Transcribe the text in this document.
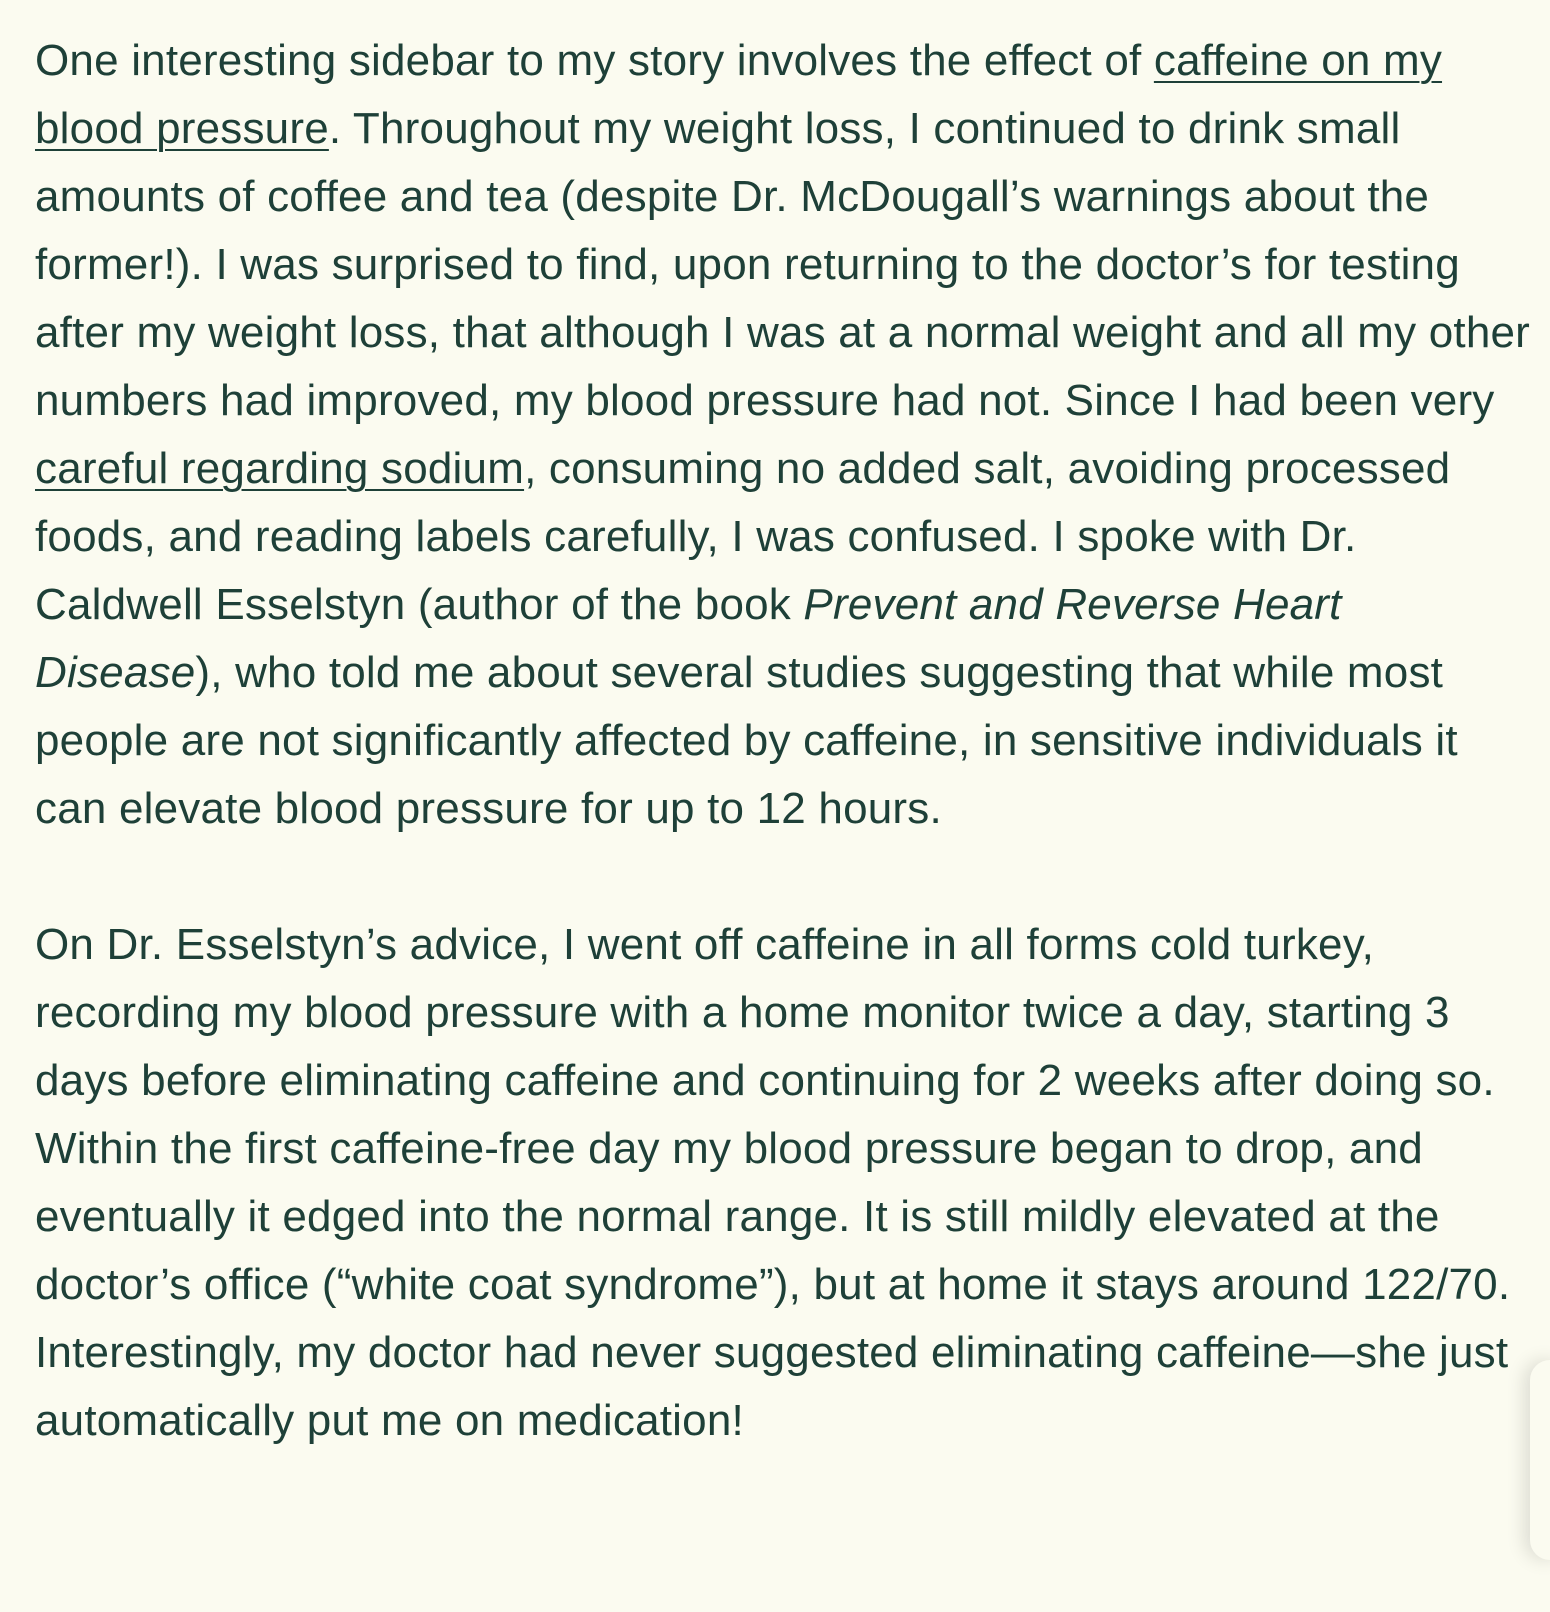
One interesting sidebar to my story involves the effect of caffeine on my blood pressure. Throughout my weight loss, I continued to drink small amounts of coffee and tea (despite Dr. McDougall’s warnings about the former!). I was surprised to find, upon returning to the doctor’s for testing after my weight loss, that although I was at a normal weight and all my other numbers had improved, my blood pressure had not. Since I had been very careful regarding sodium, consuming no added salt, avoiding processed foods, and reading labels carefully, I was confused. I spoke with Dr. Caldwell Esselstyn (author of the book Prevent and Reverse Heart Disease), who told me about several studies suggesting that while most people are not significantly affected by caffeine, in sensitive individuals it can elevate blood pressure for up to 12 hours.

On Dr. Esselstyn’s advice, I went off caffeine in all forms cold turkey, recording my blood pressure with a home monitor twice a day, starting 3 days before eliminating caffeine and continuing for 2 weeks after doing so. Within the first caffeine-free day my blood pressure began to drop, and eventually it edged into the normal range. It is still mildly elevated at the doctor’s office (“white coat syndrome”), but at home it stays around 122/70. Interestingly, my doctor had never suggested eliminating caffeine—she just automatically put me on medication!
